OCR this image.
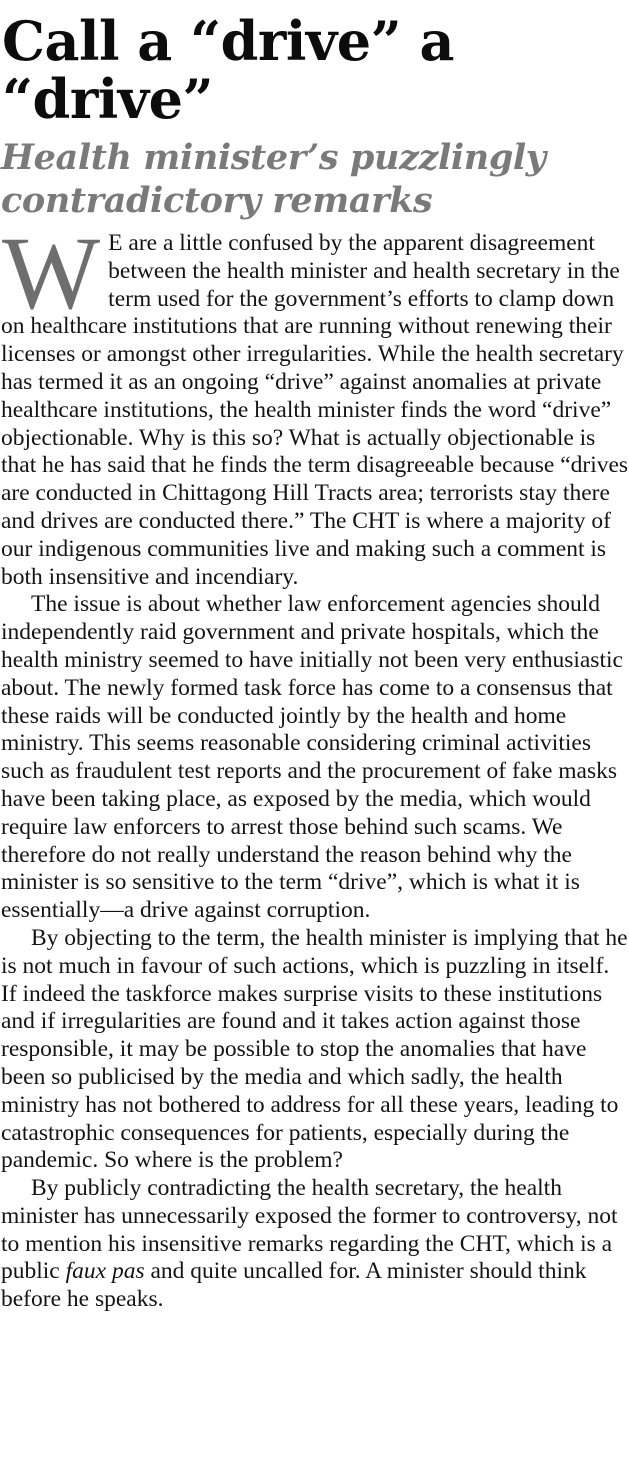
Call a “drive” a “drive”
Health minister’s puzzlingly contradictory remarks

W E are a little confused by the apparent disagreement between the health minister and health secretary in the term used for the government’s efforts to clamp down on healthcare institutions that are running without renewing their licenses or amongst other irregularities. While the health secretary has termed it as an ongoing “drive” against anomalies at private healthcare institutions, the health minister finds the word “drive” objectionable. Why is this so? What is actually objectionable is that he has said that he finds the term disagreeable because “drives are conducted in Chittagong Hill Tracts area; terrorists stay there and drives are conducted there.” The CHT is where a majority of our indigenous communities live and making such a comment is both insensitive and incendiary.

The issue is about whether law enforcement agencies should independently raid government and private hospitals, which the health ministry seemed to have initially not been very enthusiastic about. The newly formed task force has come to a consensus that these raids will be conducted jointly by the health and home ministry. This seems reasonable considering criminal activities such as fraudulent test reports and the procurement of fake masks have been taking place, as exposed by the media, which would require law enforcers to arrest those behind such scams. We therefore do not really understand the reason behind why the minister is so sensitive to the term “drive”, which is what it is essentially—a drive against corruption.

By objecting to the term, the health minister is implying that he is not much in favour of such actions, which is puzzling in itself. If indeed the taskforce makes surprise visits to these institutions and if irregularities are found and it takes action against those responsible, it may be possible to stop the anomalies that have been so publicised by the media and which sadly, the health ministry has not bothered to address for all these years, leading to catastrophic consequences for patients, especially during the pandemic. So where is the problem?

By publicly contradicting the health secretary, the health minister has unnecessarily exposed the former to controversy, not to mention his insensitive remarks regarding the CHT, which is a public faux pas and quite uncalled for. A minister should think before he speaks.
